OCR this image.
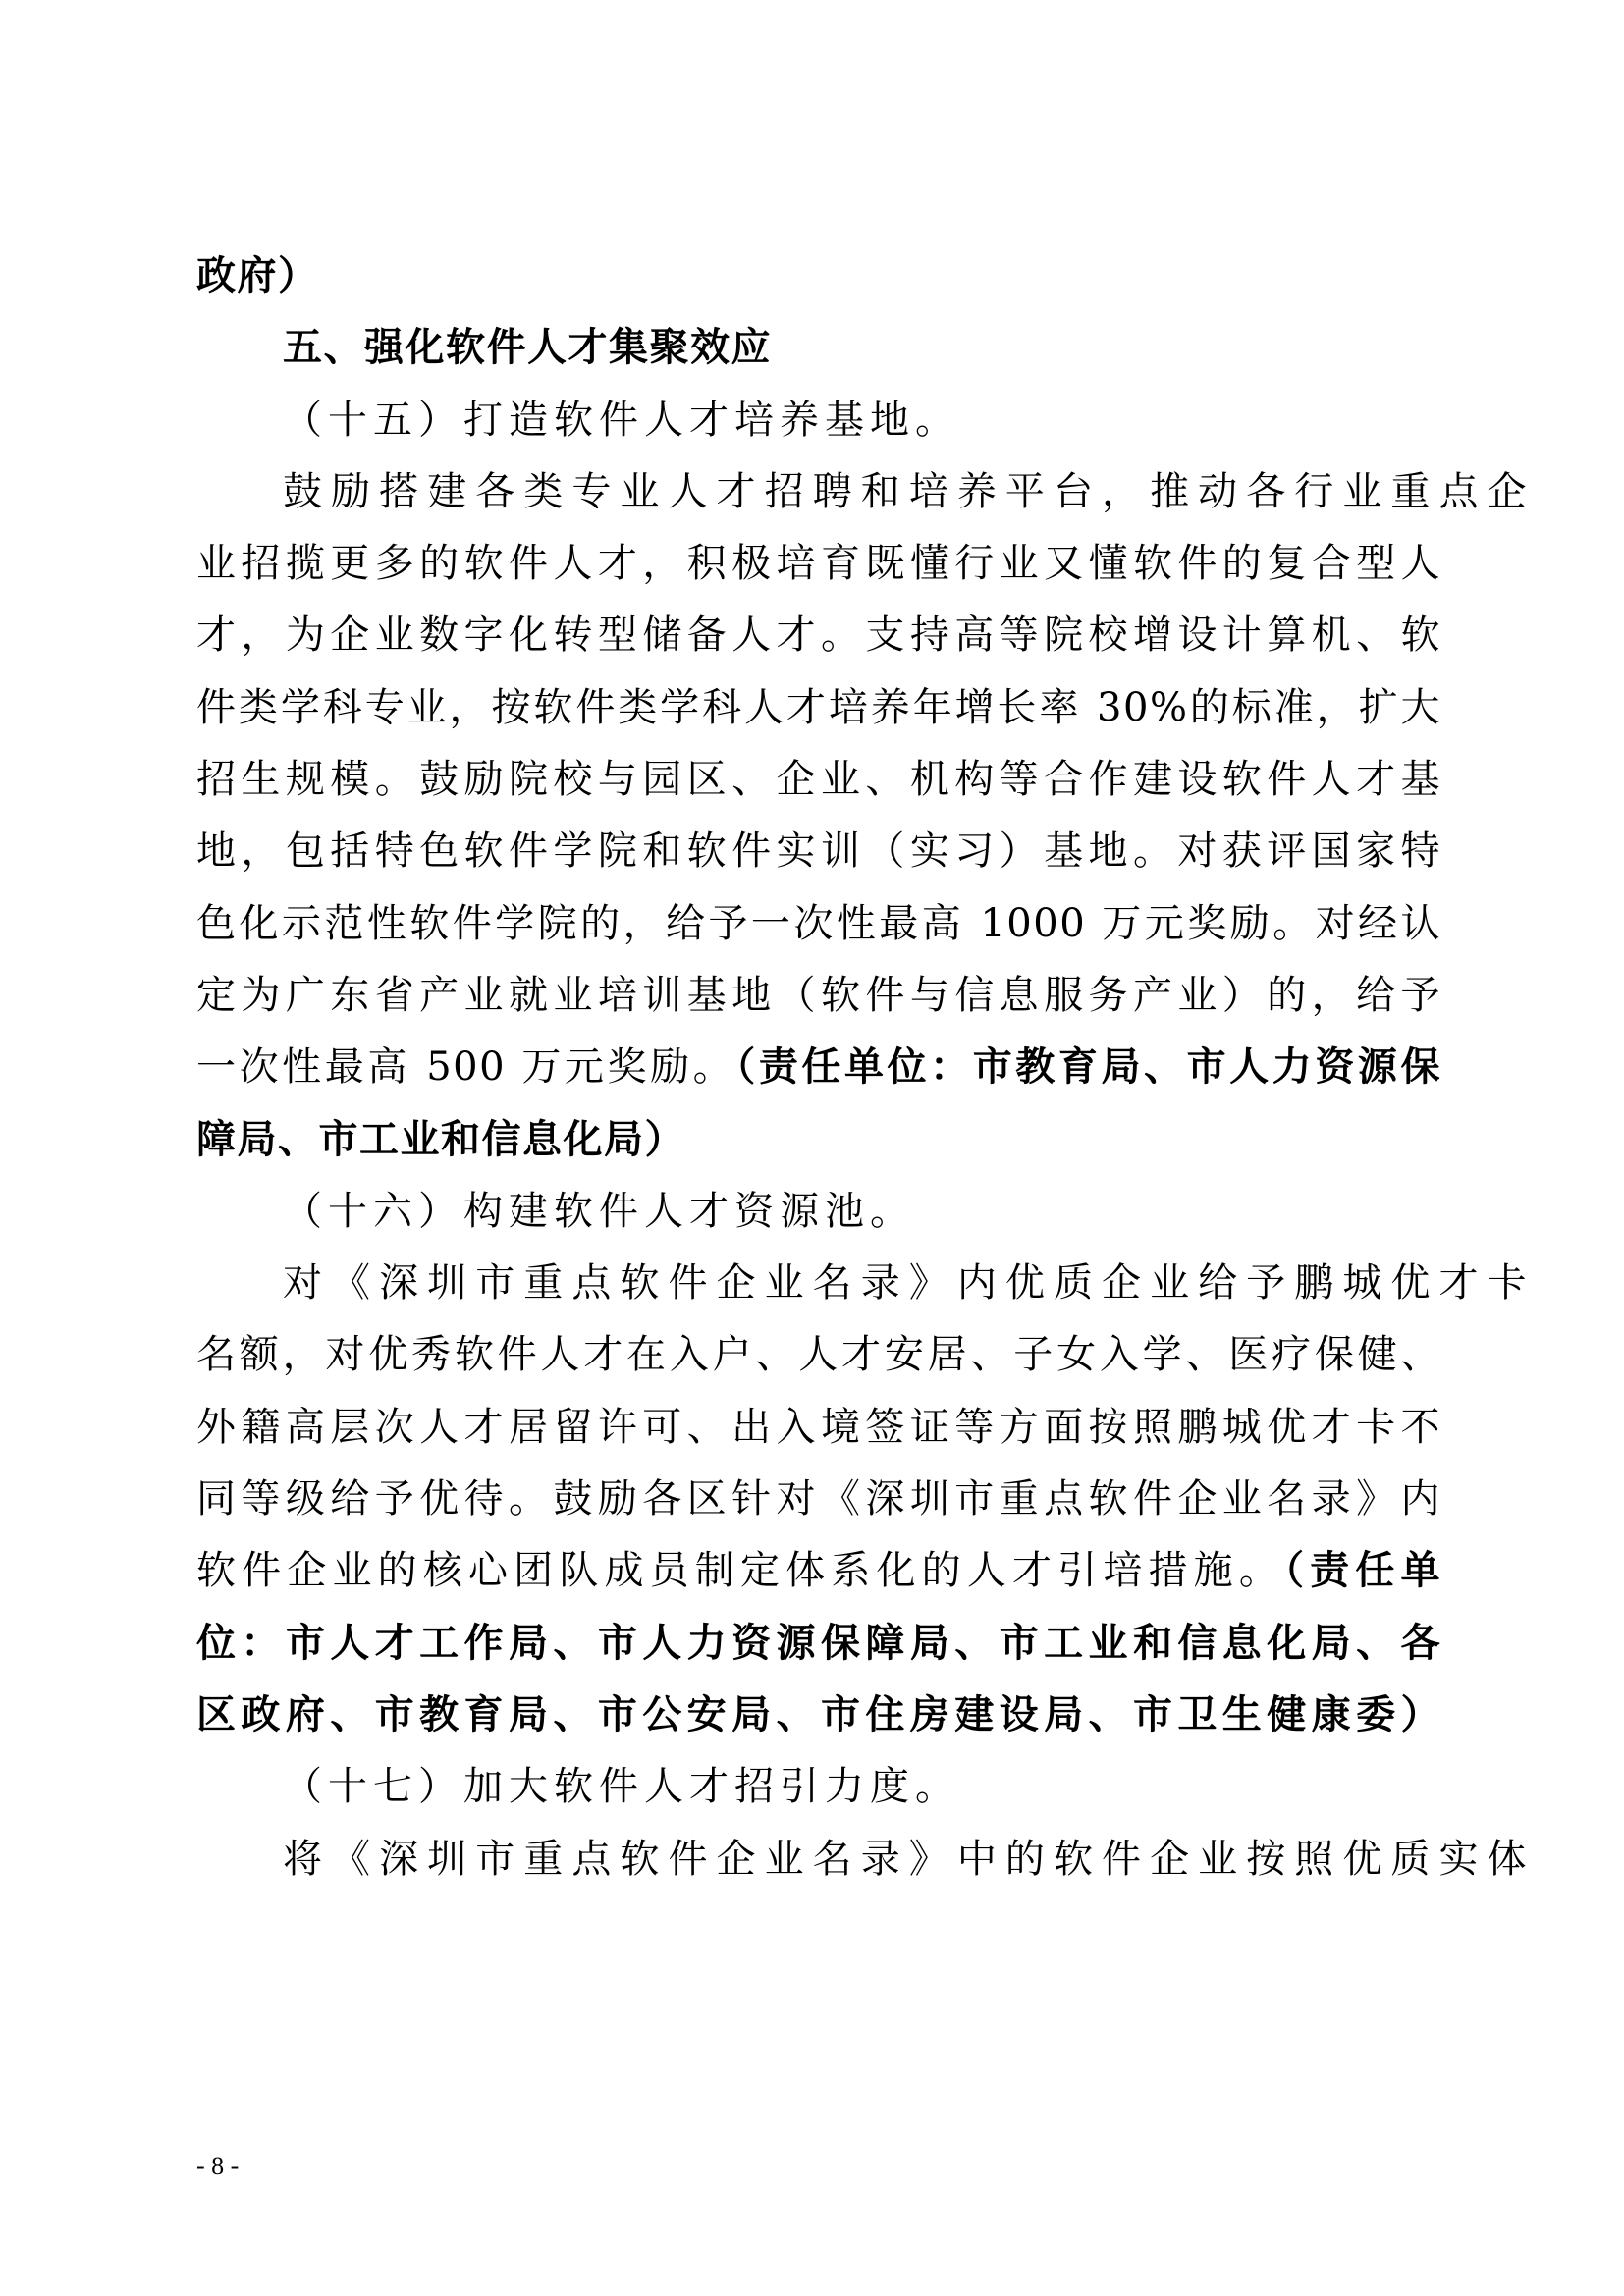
政府）
五、强化软件人才集聚效应
（十五）打造软件人才培养基地。
鼓励搭建各类专业人才招聘和培养平台，推动各行业重点企
业招揽更多的软件人才，积极培育既懂行业又懂软件的复合型人
才，为企业数字化转型储备人才。支持高等院校增设计算机、软
件类学科专业，按软件类学科人才培养年增长率 30%的标准，扩大
招生规模。鼓励院校与园区、企业、机构等合作建设软件人才基
地，包括特色软件学院和软件实训（实习）基地。对获评国家特
色化示范性软件学院的，给予一次性最高 1000 万元奖励。对经认
定为广东省产业就业培训基地（软件与信息服务产业）的，给予
一次性最高 500 万元奖励。（责任单位：市教育局、市人力资源保
障局、市工业和信息化局）
（十六）构建软件人才资源池。
对《深圳市重点软件企业名录》内优质企业给予鹏城优才卡
名额，对优秀软件人才在入户、人才安居、子女入学、医疗保健、
外籍高层次人才居留许可、出入境签证等方面按照鹏城优才卡不
同等级给予优待。鼓励各区针对《深圳市重点软件企业名录》内
软件企业的核心团队成员制定体系化的人才引培措施。（责任单
位：市人才工作局、市人力资源保障局、市工业和信息化局、各
区政府、市教育局、市公安局、市住房建设局、市卫生健康委）
（十七）加大软件人才招引力度。
将《深圳市重点软件企业名录》中的软件企业按照优质实体
- 8 -
